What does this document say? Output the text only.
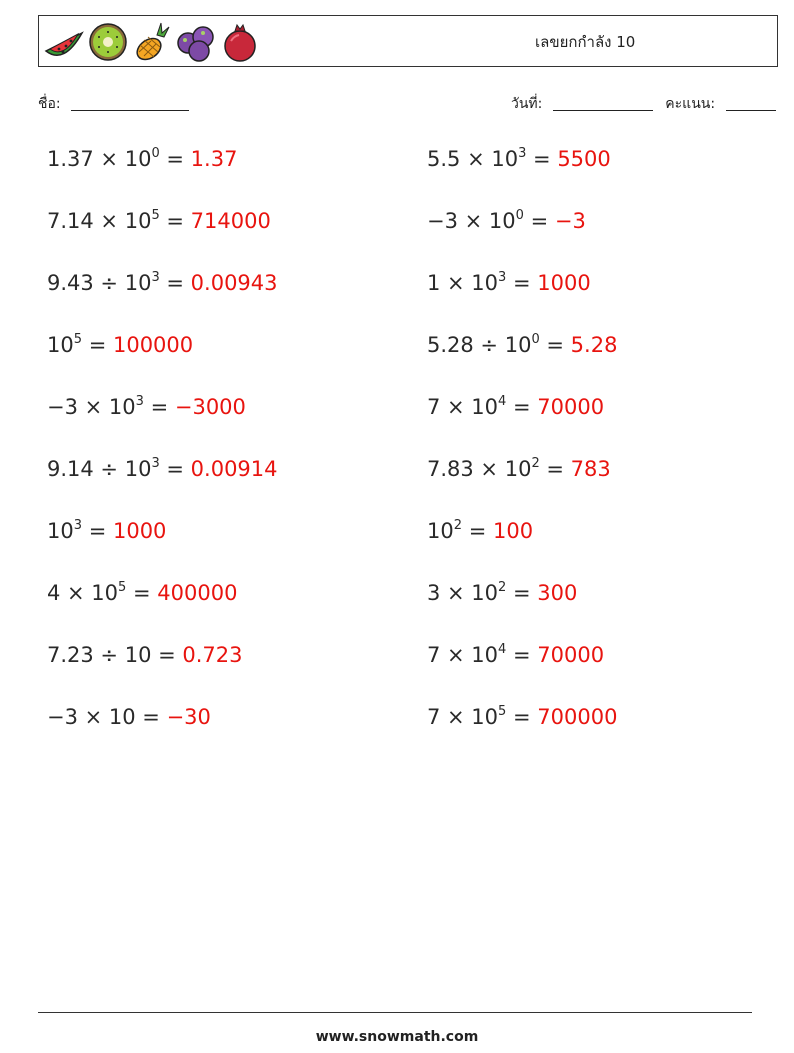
เลขยกกำลัง 10
ชื่อ:	วันที่:	คะแนน:
$1.37 \times 10^0 = 1.37$	$5.5 \times 10^3 = 5500$
$7.14 \times 10^5 = 714000$	$-3 \times 10^0 = -3$
$9.43 \div 10^3 = 0.00943$	$1 \times 10^3 = 1000$
$10^5 = 100000$	$5.28 \div 10^0 = 5.28$
$-3 \times 10^3 = -3000$	$7 \times 10^4 = 70000$
$9.14 \div 10^3 = 0.00914$	$7.83 \times 10^2 = 783$
$10^3 = 1000$	$10^2 = 100$
$4 \times 10^5 = 400000$	$3 \times 10^2 = 300$
7.23 ÷ 10 = 0.723	$7 \times 10^4 = 70000$
−3 × 10 = −30	$7 \times 10^5 = 700000$
www.snowmath.com
